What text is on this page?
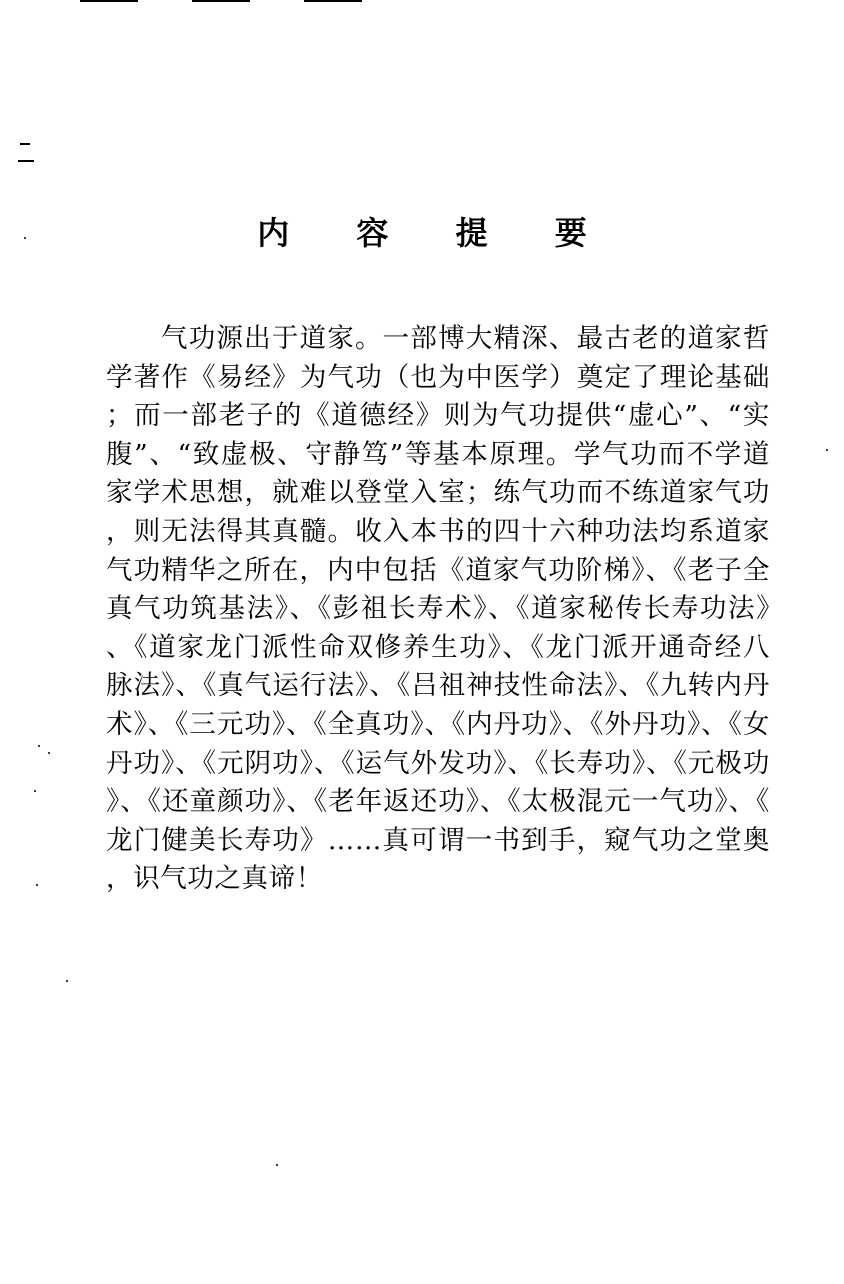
内 容 提 要

气功源出于道家。一部博大精深、最古老的道家哲学著作《易经》为气功（也为中医学）奠定了理论基础；而一部老子的《道德经》则为气功提供“虚心”、“实腹”、“致虚极、守静笃”等基本原理。学气功而不学道家学术思想，就难以登堂入室；练气功而不练道家气功，则无法得其真髓。收入本书的四十六种功法均系道家气功精华之所在，内中包括《道家气功阶梯》、《老子全真气功筑基法》、《彭祖长寿术》、《道家秘传长寿功法》、《道家龙门派性命双修养生功》、《龙门派开通奇经八脉法》、《真气运行法》、《吕祖神技性命法》、《九转内丹术》、《三元功》、《全真功》、《内丹功》、《外丹功》、《女丹功》、《元阴功》、《运气外发功》、《长寿功》、《元极功》、《还童颜功》、《老年返还功》、《太极混元一气功》、《龙门健美长寿功》……真可谓一书到手，窥气功之堂奥，识气功之真谛！
